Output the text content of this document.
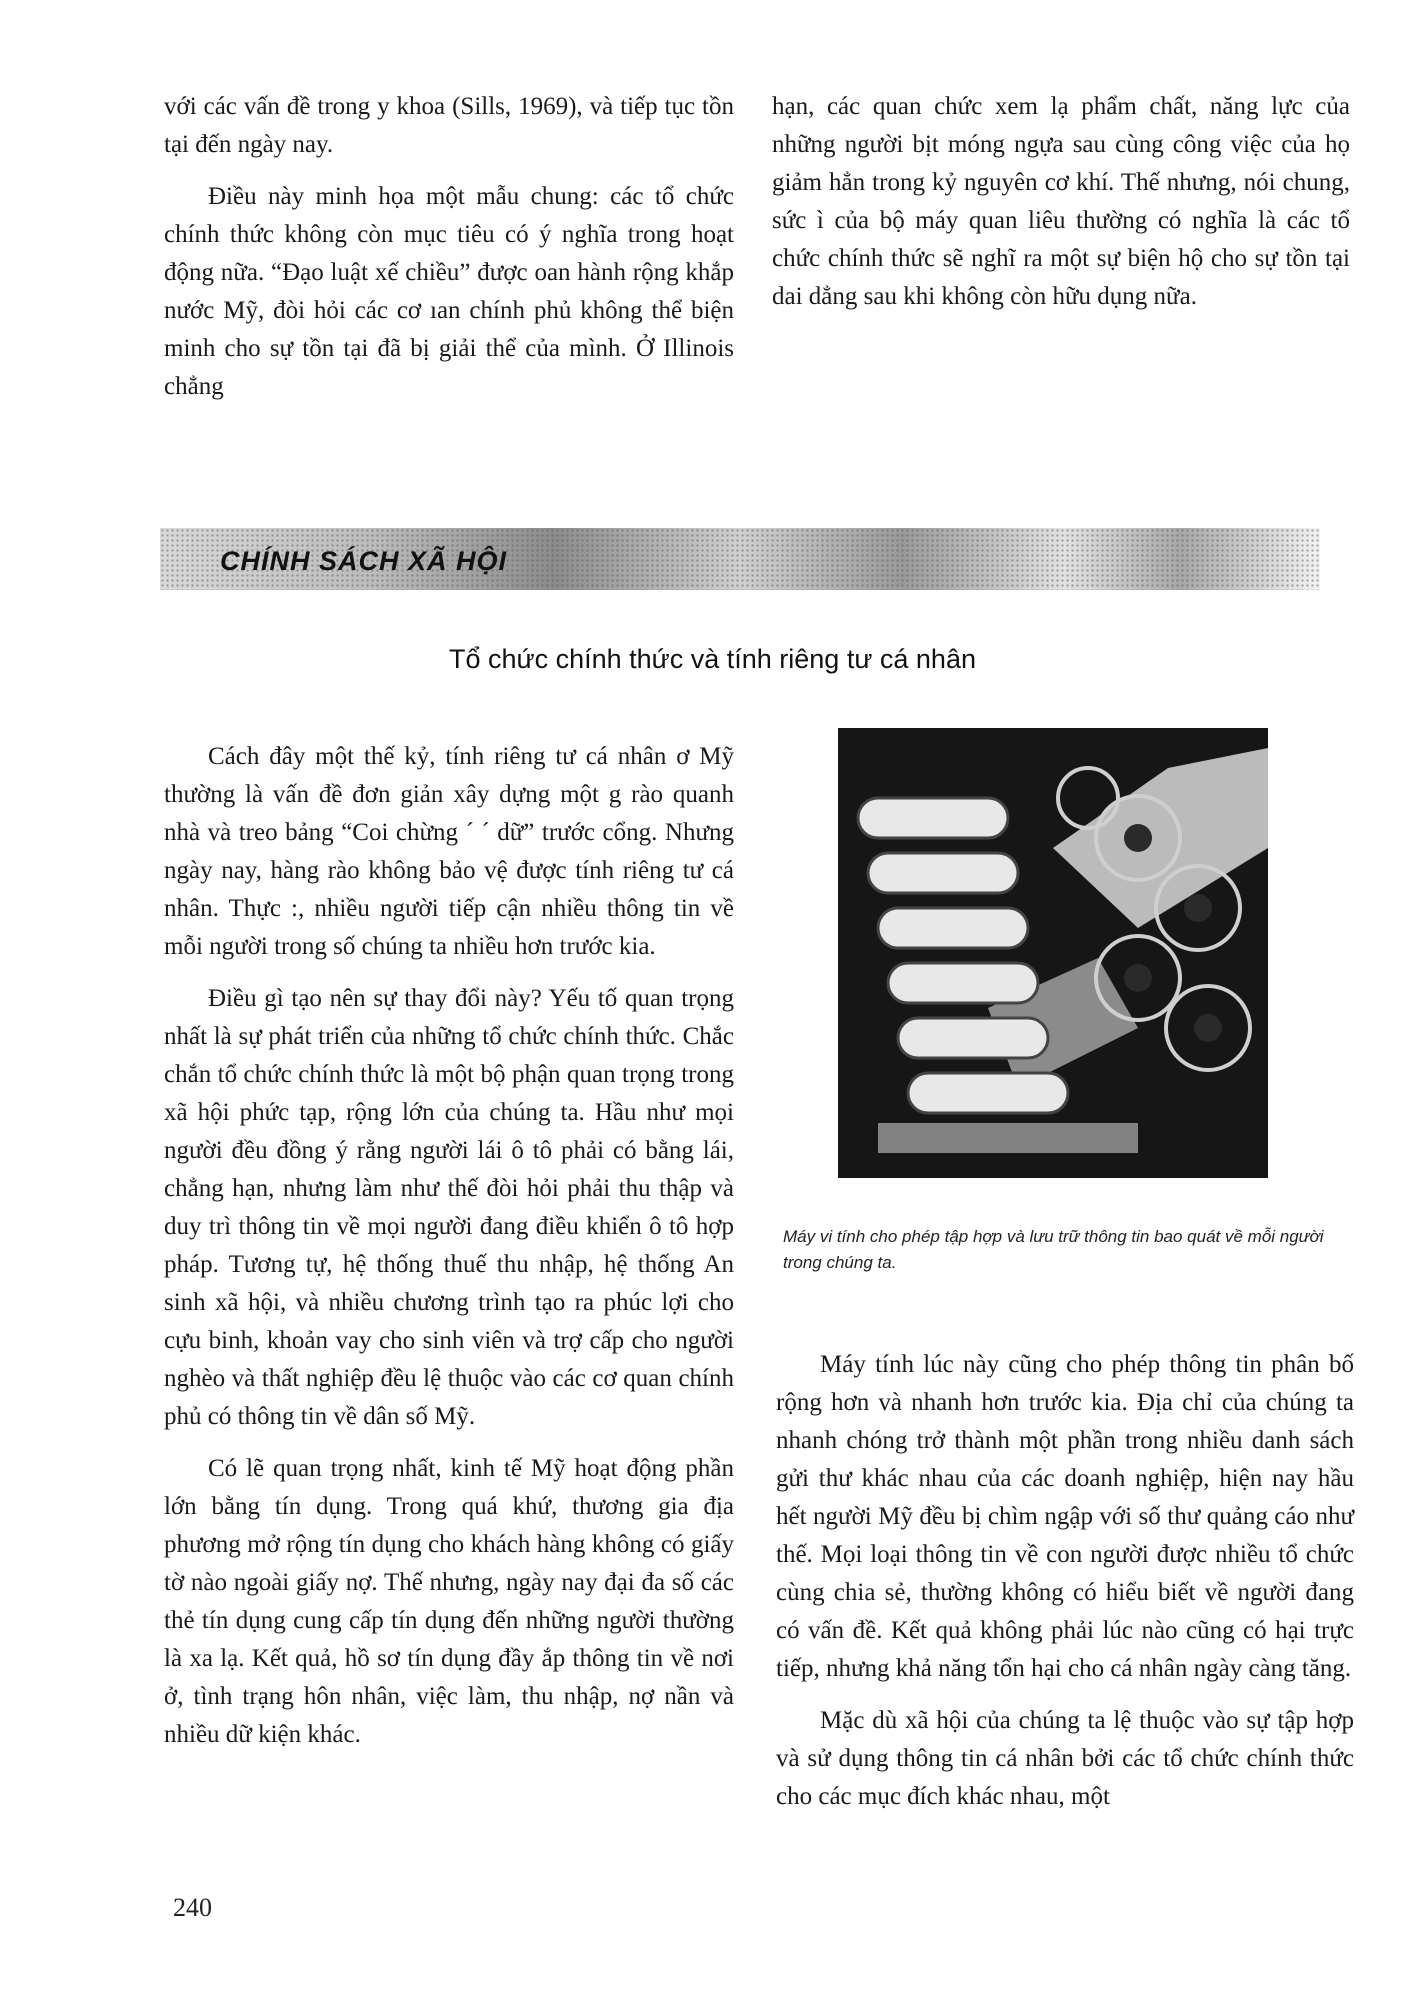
với các vấn đề trong y khoa (Sills, 1969), và tiếp tục tồn tại đến ngày nay.

Điều này minh họa một mẫu chung: các tổ chức chính thức không còn mục tiêu có ý nghĩa trong hoạt động nữa. “Đạo luật xế chiều” được oan hành rộng khắp nước Mỹ, đòi hỏi các cơ ıan chính phủ không thể biện minh cho sự tồn tại đã bị giải thể của mình. Ở Illinois chẳng

hạn, các quan chức xem lạ phẩm chất, năng lực của những người bịt móng ngựa sau cùng công việc của họ giảm hẳn trong kỷ nguyên cơ khí. Thế nhưng, nói chung, sức ì của bộ máy quan liêu thường có nghĩa là các tổ chức chính thức sẽ nghĩ ra một sự biện hộ cho sự tồn tại dai dẳng sau khi không còn hữu dụng nữa.

CHÍNH SÁCH XÃ HỘI
Tổ chức chính thức và tính riêng tư cá nhân

Cách đây một thế kỷ, tính riêng tư cá nhân ơ Mỹ thường là vấn đề đơn giản xây dựng một g rào quanh nhà và treo bảng “Coi chừng ´ ´ dữ” trước cổng. Nhưng ngày nay, hàng rào không bảo vệ được tính riêng tư cá nhân. Thực :, nhiều người tiếp cận nhiều thông tin về mỗi người trong số chúng ta nhiều hơn trước kia.

Điều gì tạo nên sự thay đổi này? Yếu tố quan trọng nhất là sự phát triển của những tổ chức chính thức. Chắc chắn tổ chức chính thức là một bộ phận quan trọng trong xã hội phức tạp, rộng lớn của chúng ta. Hầu như mọi người đều đồng ý rằng người lái ô tô phải có bằng lái, chẳng hạn, nhưng làm như thế đòi hỏi phải thu thập và duy trì thông tin về mọi người đang điều khiển ô tô hợp pháp. Tương tự, hệ thống thuế thu nhập, hệ thống An sinh xã hội, và nhiều chương trình tạo ra phúc lợi cho cựu binh, khoản vay cho sinh viên và trợ cấp cho người nghèo và thất nghiệp đều lệ thuộc vào các cơ quan chính phủ có thông tin về dân số Mỹ.

Có lẽ quan trọng nhất, kinh tế Mỹ hoạt động phần lớn bằng tín dụng. Trong quá khứ, thương gia địa phương mở rộng tín dụng cho khách hàng không có giấy tờ nào ngoài giấy nợ. Thế nhưng, ngày nay đại đa số các thẻ tín dụng cung cấp tín dụng đến những người thường là xa lạ. Kết quả, hồ sơ tín dụng đầy ắp thông tin về nơi ở, tình trạng hôn nhân, việc làm, thu nhập, nợ nần và nhiều dữ kiện khác.

Máy vi tính cho phép tập hợp và lưu trữ thông tin bao quát về mỗi người trong chúng ta.

Máy tính lúc này cũng cho phép thông tin phân bố rộng hơn và nhanh hơn trước kia. Địa chỉ của chúng ta nhanh chóng trở thành một phần trong nhiều danh sách gửi thư khác nhau của các doanh nghiệp, hiện nay hầu hết người Mỹ đều bị chìm ngập với số thư quảng cáo như thế. Mọi loại thông tin về con người được nhiều tổ chức cùng chia sẻ, thường không có hiểu biết về người đang có vấn đề. Kết quả không phải lúc nào cũng có hại trực tiếp, nhưng khả năng tổn hại cho cá nhân ngày càng tăng.

Mặc dù xã hội của chúng ta lệ thuộc vào sự tập hợp và sử dụng thông tin cá nhân bởi các tổ chức chính thức cho các mục đích khác nhau, một

240
